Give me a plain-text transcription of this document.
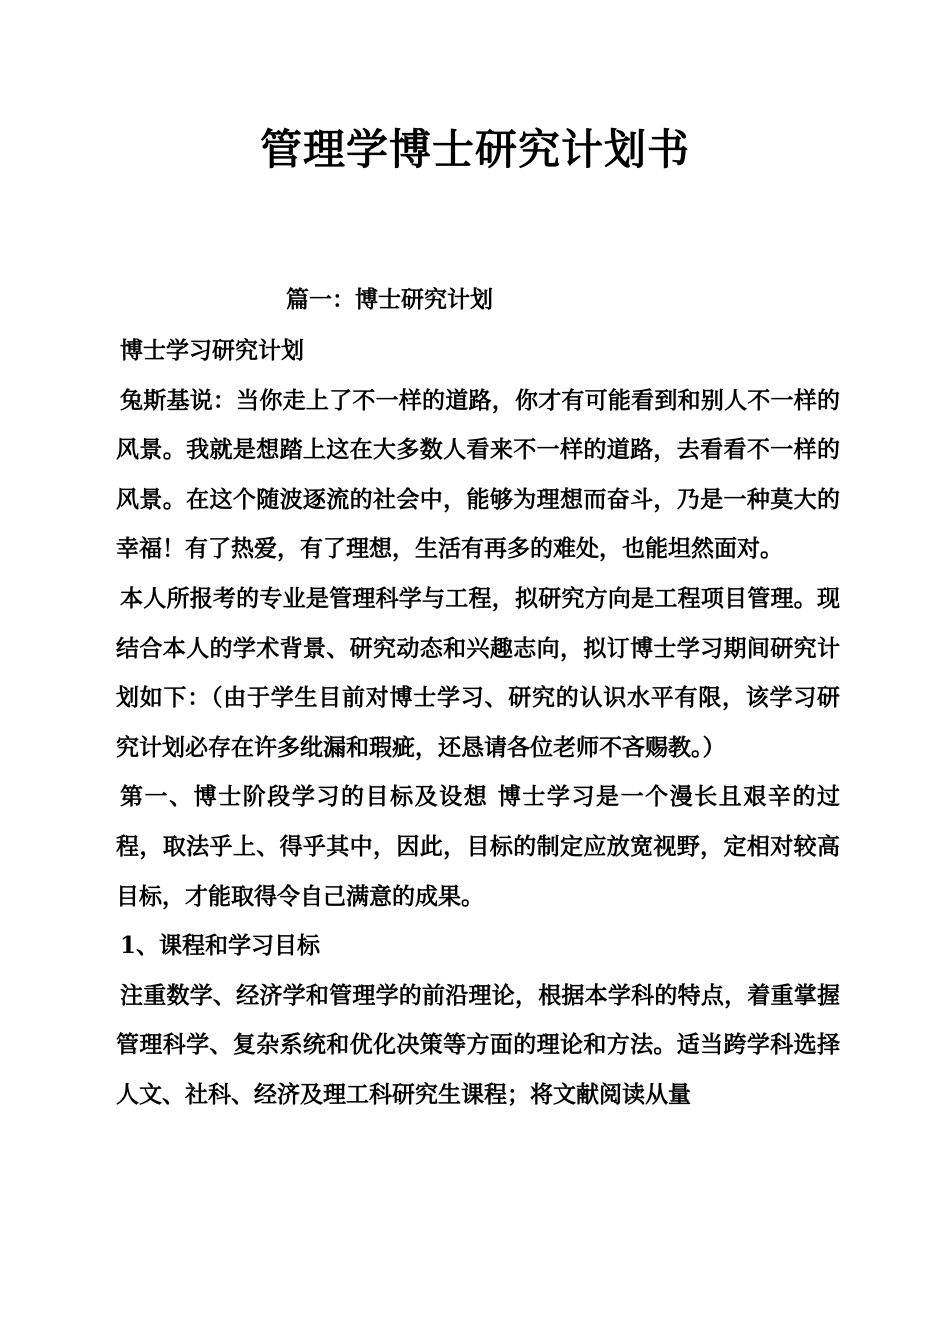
管理学博士研究计划书
篇一：博士研究计划

博士学习研究计划

兔斯基说：当你走上了不一样的道路，你才有可能看到和别人不一样的风景。我就是想踏上这在大多数人看来不一样的道路，去看看不一样的风景。在这个随波逐流的社会中，能够为理想而奋斗，乃是一种莫大的幸福！有了热爱，有了理想，生活有再多的难处，也能坦然面对。

本人所报考的专业是管理科学与工程，拟研究方向是工程项目管理。现结合本人的学术背景、研究动态和兴趣志向，拟订博士学习期间研究计划如下：（由于学生目前对博士学习、研究的认识水平有限，该学习研究计划必存在许多纰漏和瑕疵，还恳请各位老师不吝赐教。）

第一、博士阶段学习的目标及设想 博士学习是一个漫长且艰辛的过程，取法乎上、得乎其中，因此，目标的制定应放宽视野，定相对较高目标，才能取得令自己满意的成果。

1、课程和学习目标

注重数学、经济学和管理学的前沿理论，根据本学科的特点，着重掌握管理科学、复杂系统和优化决策等方面的理论和方法。适当跨学科选择人文、社科、经济及理工科研究生课程；将文献阅读从量
